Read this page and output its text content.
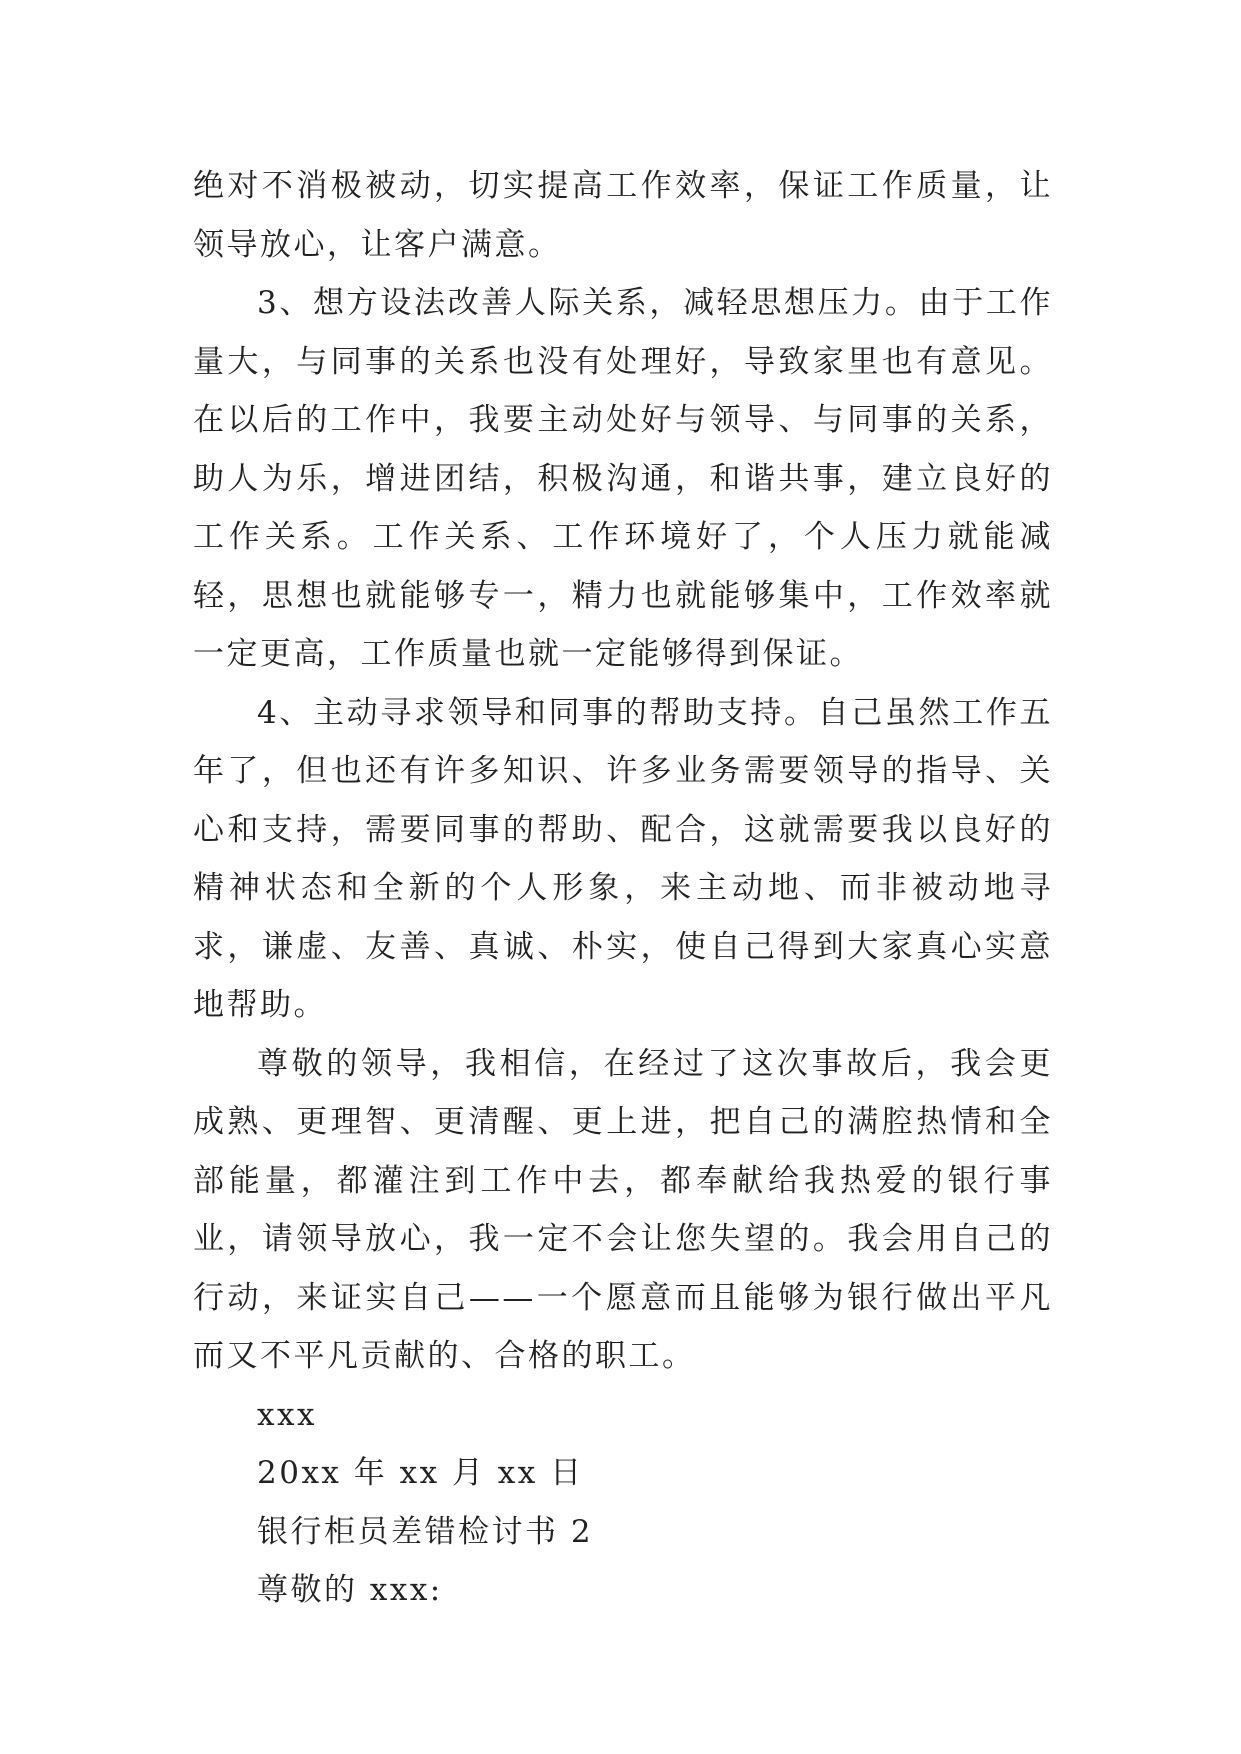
绝对不消极被动，切实提高工作效率，保证工作质量，让领导放心，让客户满意。

3、想方设法改善人际关系，减轻思想压力。由于工作量大，与同事的关系也没有处理好，导致家里也有意见。在以后的工作中，我要主动处好与领导、与同事的关系，助人为乐，增进团结，积极沟通，和谐共事，建立良好的工作关系。工作关系、工作环境好了，个人压力就能减轻，思想也就能够专一，精力也就能够集中，工作效率就一定更高，工作质量也就一定能够得到保证。

4、主动寻求领导和同事的帮助支持。自己虽然工作五年了，但也还有许多知识、许多业务需要领导的指导、关心和支持，需要同事的帮助、配合，这就需要我以良好的精神状态和全新的个人形象，来主动地、而非被动地寻求，谦虚、友善、真诚、朴实，使自己得到大家真心实意地帮助。

尊敬的领导，我相信，在经过了这次事故后，我会更成熟、更理智、更清醒、更上进，把自己的满腔热情和全部能量，都灌注到工作中去，都奉献给我热爱的银行事业，请领导放心，我一定不会让您失望的。我会用自己的行动，来证实自己——一个愿意而且能够为银行做出平凡而又不平凡贡献的、合格的职工。

xxx

20xx 年 xx 月 xx 日

银行柜员差错检讨书 2

尊敬的 xxx:
